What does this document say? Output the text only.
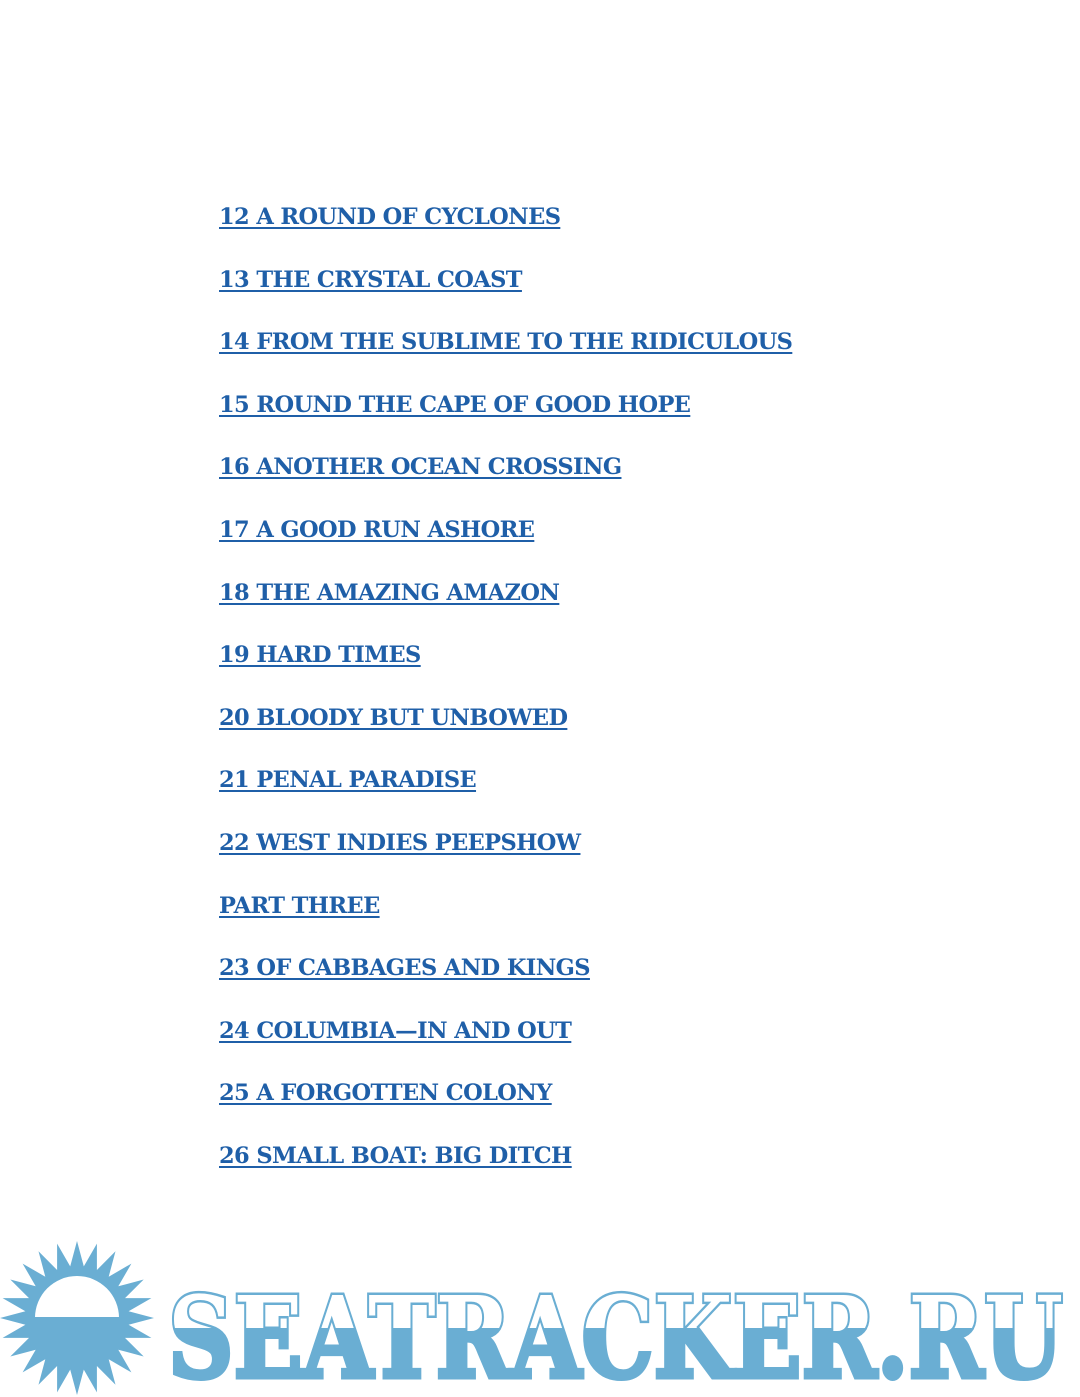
12 A ROUND OF CYCLONES
13 THE CRYSTAL COAST
14 FROM THE SUBLIME TO THE RIDICULOUS
15 ROUND THE CAPE OF GOOD HOPE
16 ANOTHER OCEAN CROSSING
17 A GOOD RUN ASHORE
18 THE AMAZING AMAZON
19 HARD TIMES
20 BLOODY BUT UNBOWED
21 PENAL PARADISE
22 WEST INDIES PEEPSHOW
PART THREE
23 OF CABBAGES AND KINGS
24 COLUMBIA—IN AND OUT
25 A FORGOTTEN COLONY
26 SMALL BOAT: BIG DITCH
SEATRACKER.RU
